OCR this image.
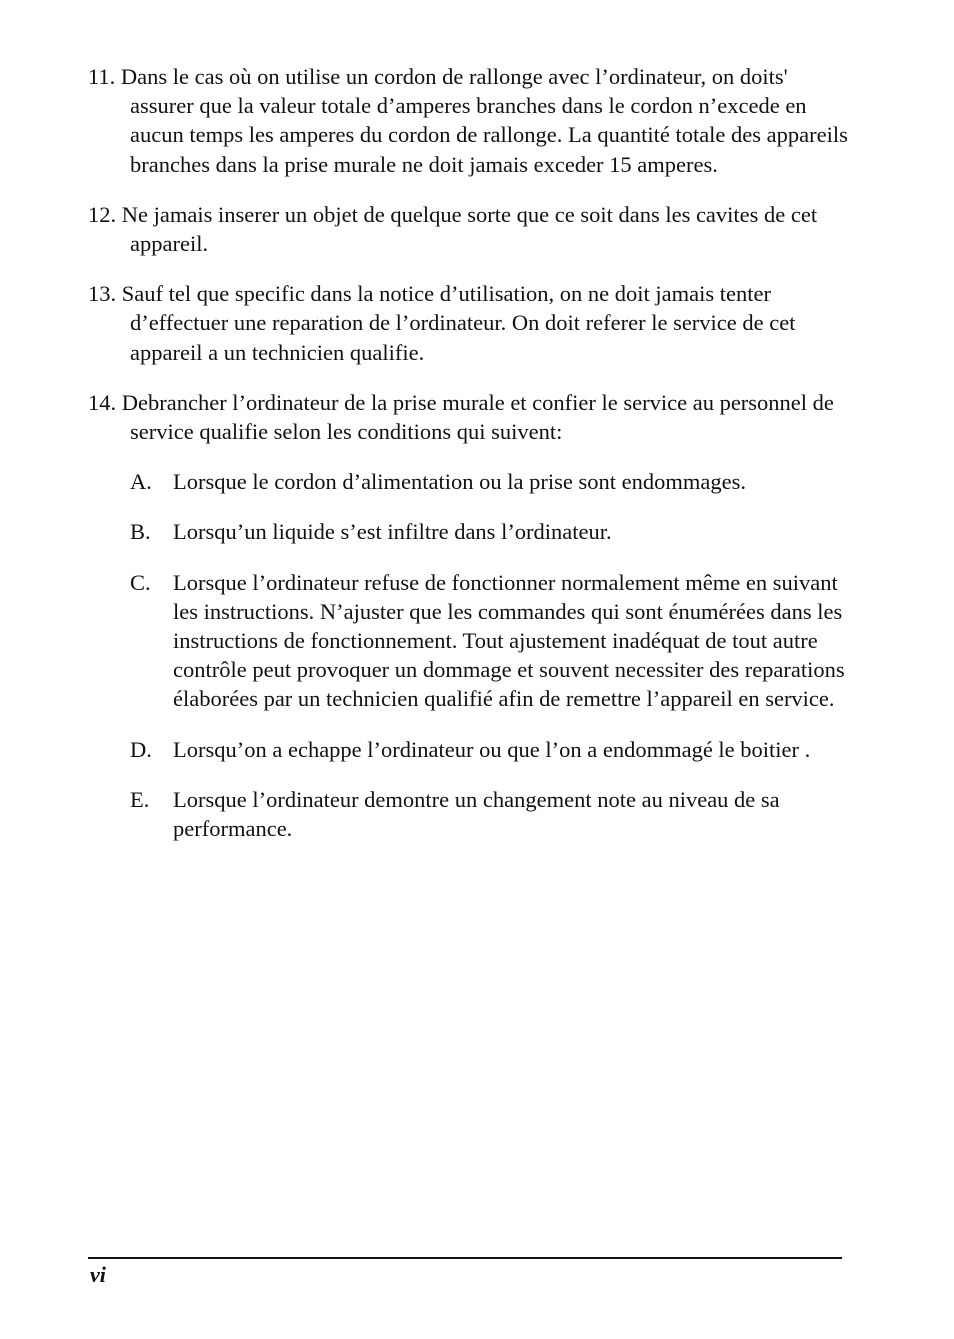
11. Dans le cas où on utilise un cordon de rallonge avec l’ordinateur, on doits' assurer que la valeur totale d’amperes branches dans le cordon n’excede en aucun temps les amperes du cordon de rallonge. La quantité totale des appareils branches dans la prise murale ne doit jamais exceder 15 amperes.

12. Ne jamais inserer un objet de quelque sorte que ce soit dans les cavites de cet appareil.

13. Sauf tel que specific dans la notice d’utilisation, on ne doit jamais tenter d’effectuer une reparation de l’ordinateur. On doit referer le service de cet appareil a un technicien qualifie.

14. Debrancher l’ordinateur de la prise murale et confier le service au personnel de service qualifie selon les conditions qui suivent:

A. Lorsque le cordon d’alimentation ou la prise sont endommages.
B. Lorsqu’un liquide s’est infiltre dans l’ordinateur.
C. Lorsque l’ordinateur refuse de fonctionner normalement même en suivant les instructions. N’ajuster que les commandes qui sont énumérées dans les instructions de fonctionnement. Tout ajustement inadéquat de tout autre contrôle peut provoquer un dommage et souvent necessiter des reparations élaborées par un technicien qualifié afin de remettre l’appareil en service.
D. Lorsqu’on a echappe l’ordinateur ou que l’on a endommagé le boitier .
E. Lorsque l’ordinateur demontre un changement note au niveau de sa performance.
vi
